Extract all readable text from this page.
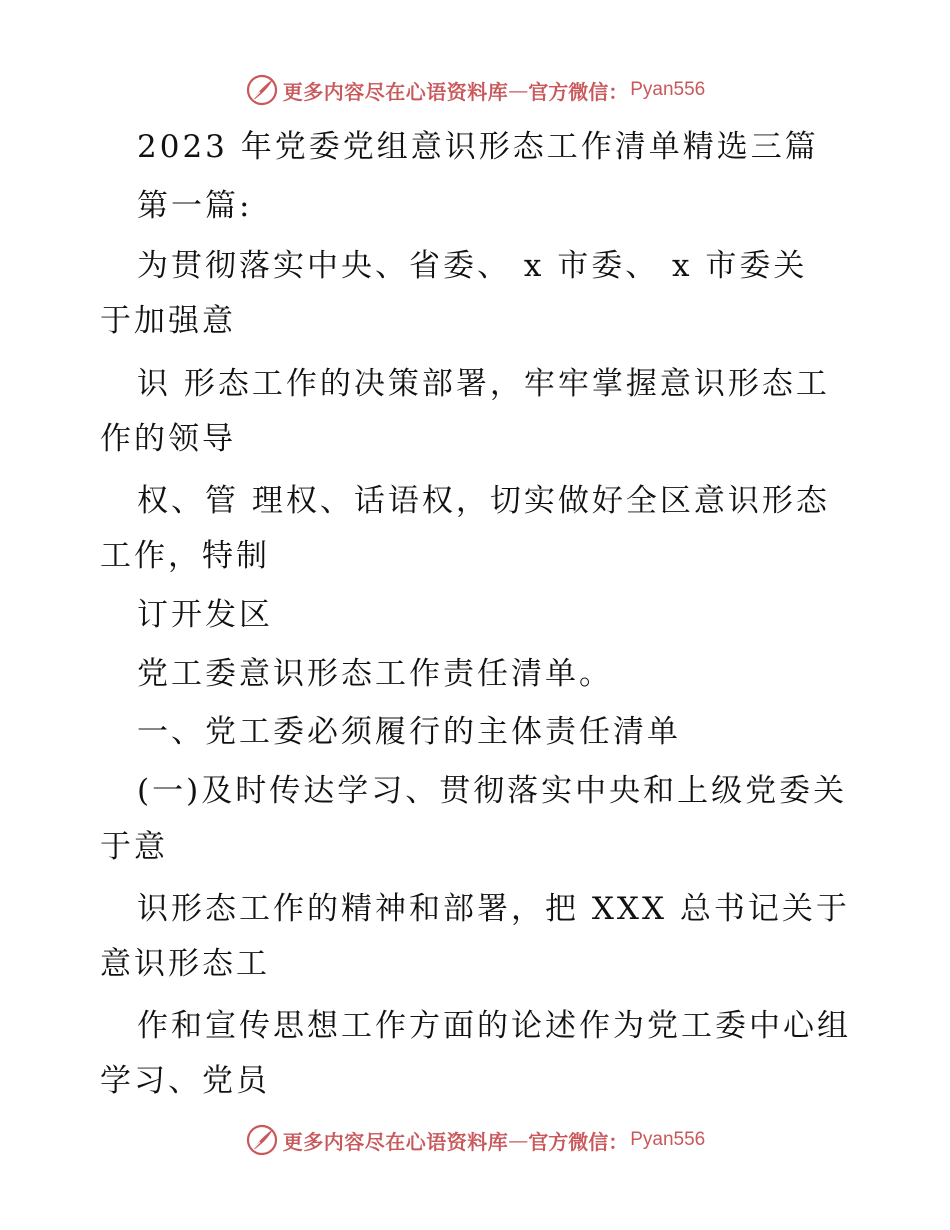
更多内容尽在心语资料库 — 官方微信： Pyan556
2023 年党委党组意识形态工作清单精选三篇
第一篇:
为贯彻落实中央、省委、 x 市委、 x 市委关
于加强意
识 形态工作的决策部署，牢牢掌握意识形态工
作的领导
权、管 理权、话语权，切实做好全区意识形态
工作，特制
订开发区
党工委意识形态工作责任清单。
一、党工委必须履行的主体责任清单
(一)及时传达学习、贯彻落实中央和上级党委关
于意
识形态工作的精神和部署，把 XXX 总书记关于
意识形态工
作和宣传思想工作方面的论述作为党工委中心组
学习、党员
更多内容尽在心语资料库 — 官方微信： Pyan556
